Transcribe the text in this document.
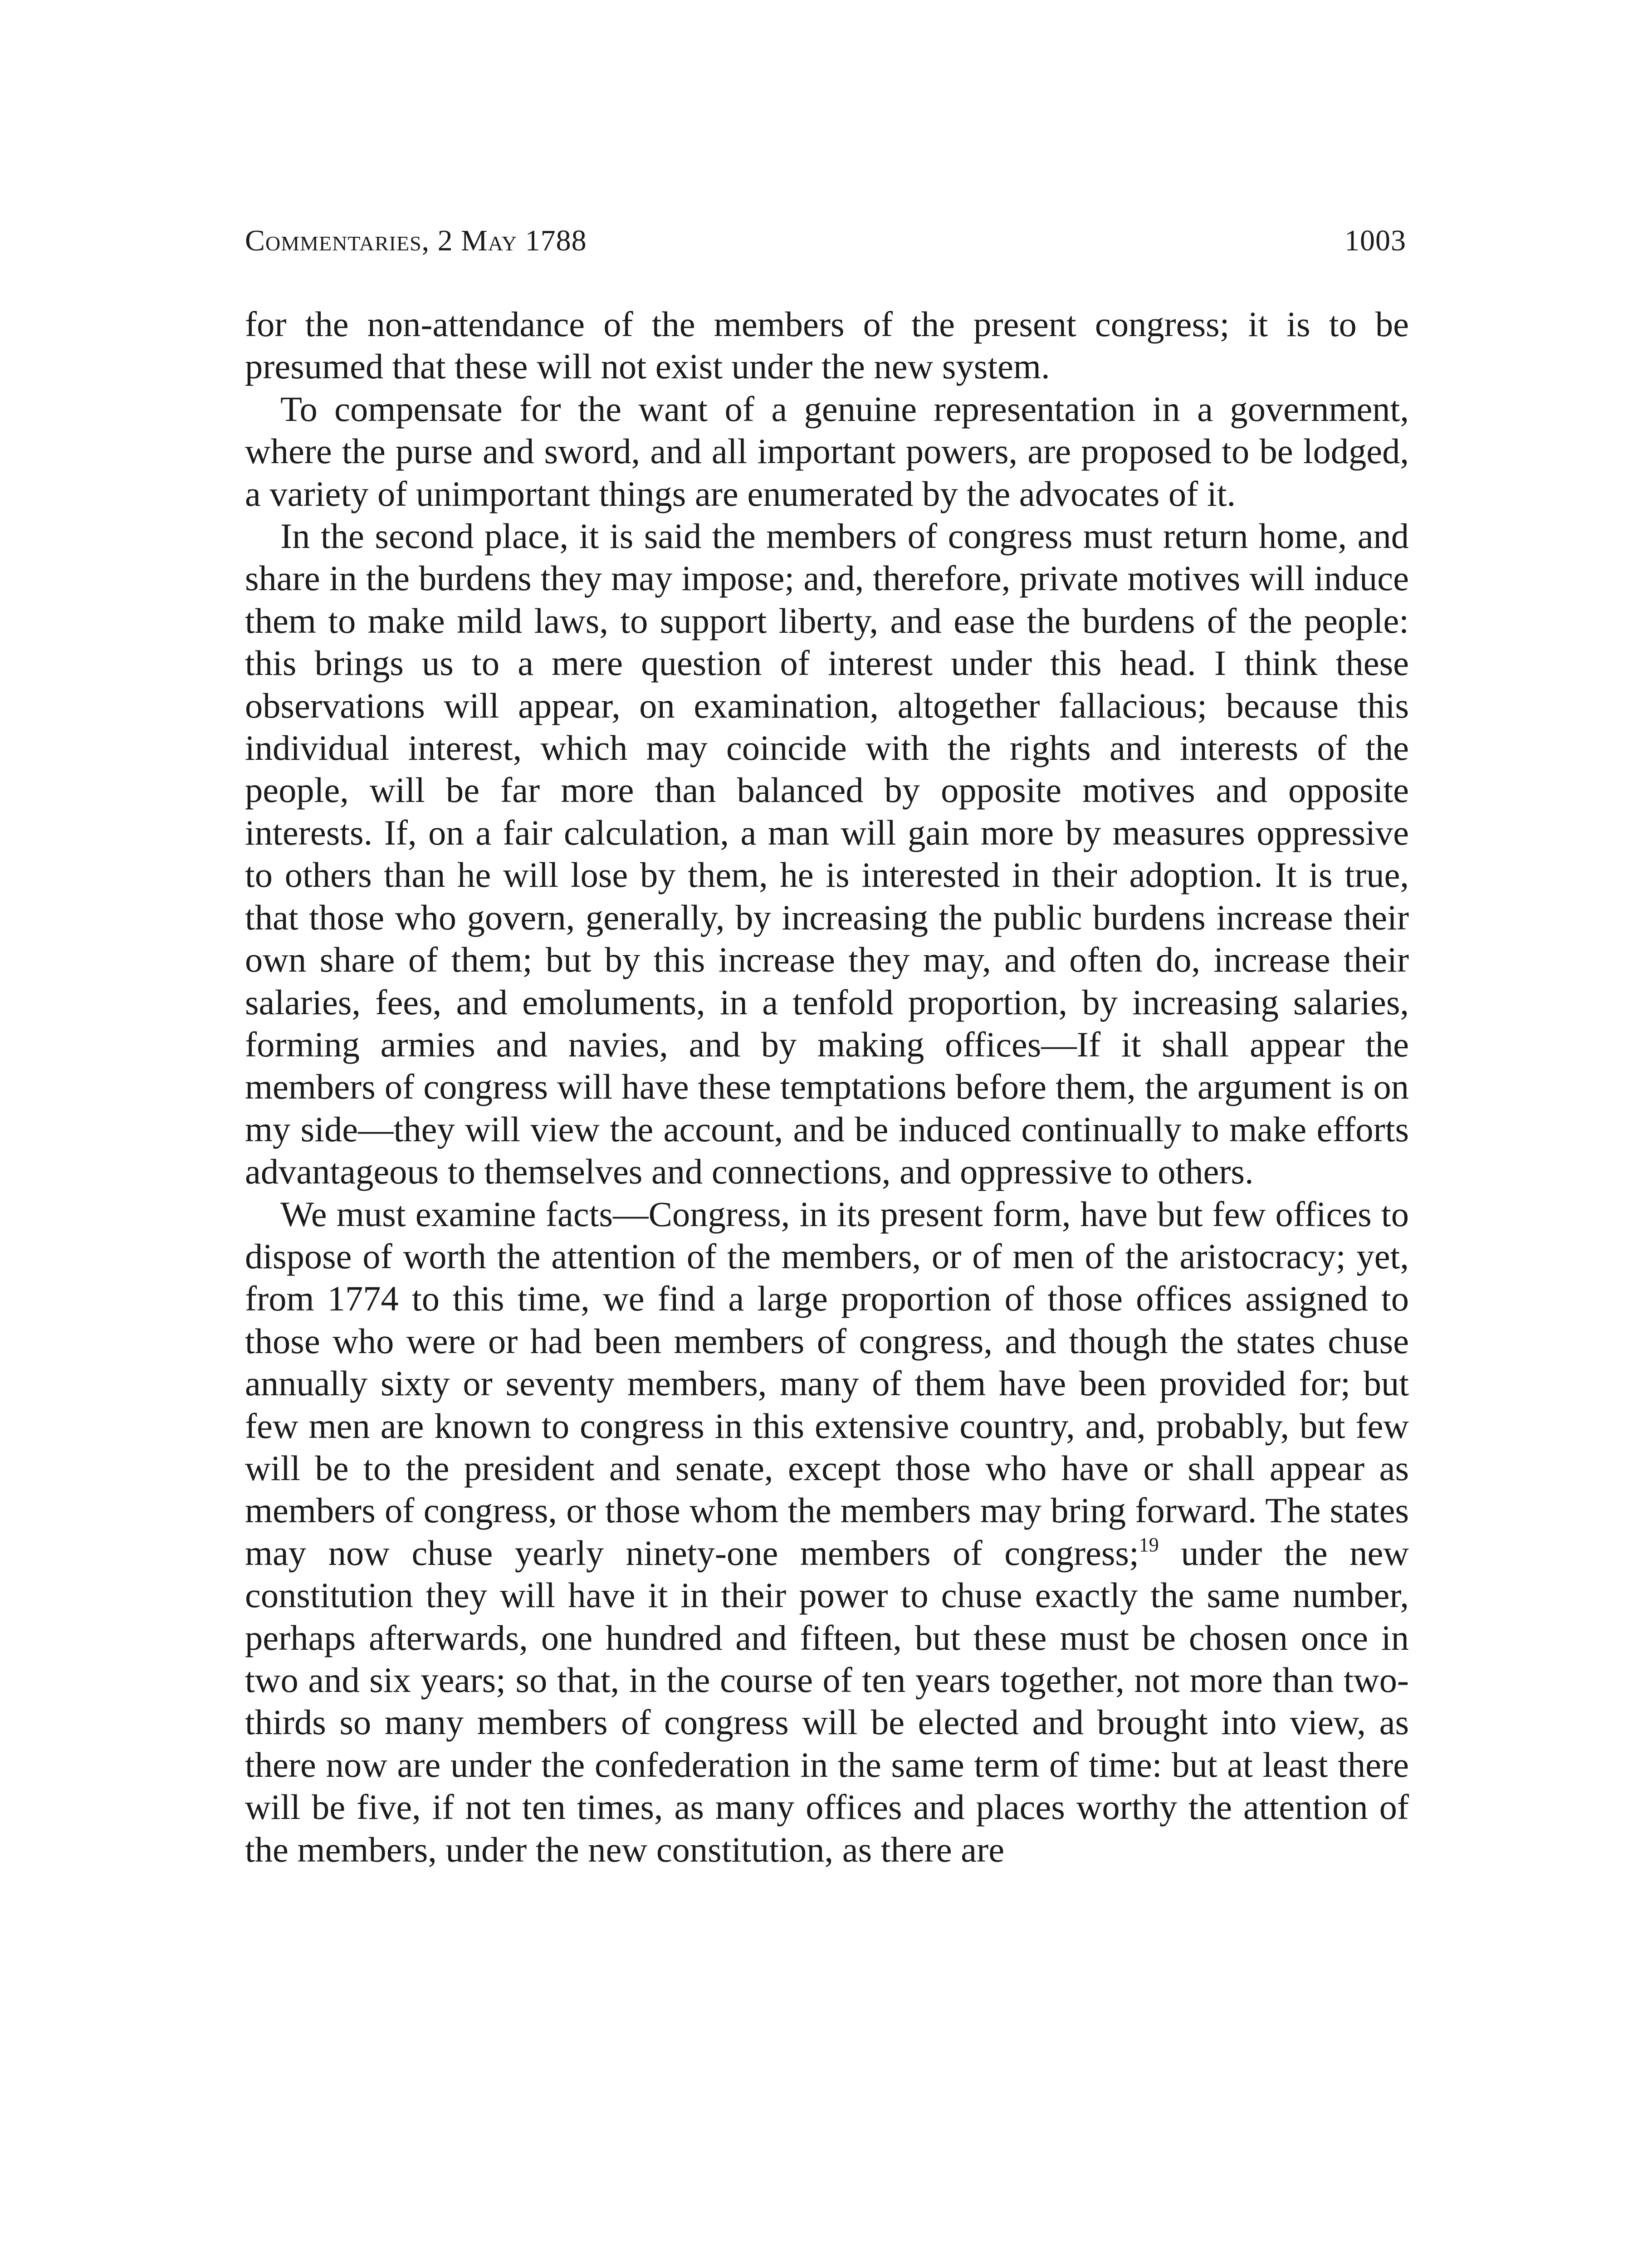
Commentaries, 2 May 1788	1003

for the non-attendance of the members of the present congress; it is to be presumed that these will not exist under the new system.

To compensate for the want of a genuine representation in a government, where the purse and sword, and all important powers, are proposed to be lodged, a variety of unimportant things are enumerated by the advocates of it.

In the second place, it is said the members of congress must return home, and share in the burdens they may impose; and, therefore, private motives will induce them to make mild laws, to support liberty, and ease the burdens of the people: this brings us to a mere question of interest under this head. I think these observations will appear, on examination, altogether fallacious; because this individual interest, which may coincide with the rights and interests of the people, will be far more than balanced by opposite motives and opposite interests. If, on a fair calculation, a man will gain more by measures oppressive to others than he will lose by them, he is interested in their adoption. It is true, that those who govern, generally, by increasing the public burdens increase their own share of them; but by this increase they may, and often do, increase their salaries, fees, and emoluments, in a tenfold proportion, by increasing salaries, forming armies and navies, and by making offices—If it shall appear the members of congress will have these temptations before them, the argument is on my side—they will view the account, and be induced continually to make efforts advantageous to themselves and connections, and oppressive to others.

We must examine facts—Congress, in its present form, have but few offices to dispose of worth the attention of the members, or of men of the aristocracy; yet, from 1774 to this time, we find a large proportion of those offices assigned to those who were or had been members of congress, and though the states chuse annually sixty or seventy members, many of them have been provided for; but few men are known to congress in this extensive country, and, probably, but few will be to the president and senate, except those who have or shall appear as members of congress, or those whom the members may bring forward. The states may now chuse yearly ninety-one members of congress;$^{19}$ under the new constitution they will have it in their power to chuse exactly the same number, perhaps afterwards, one hundred and fifteen, but these must be chosen once in two and six years; so that, in the course of ten years together, not more than two-thirds so many members of congress will be elected and brought into view, as there now are under the confederation in the same term of time: but at least there will be five, if not ten times, as many offices and places worthy the attention of the members, under the new constitution, as there are
